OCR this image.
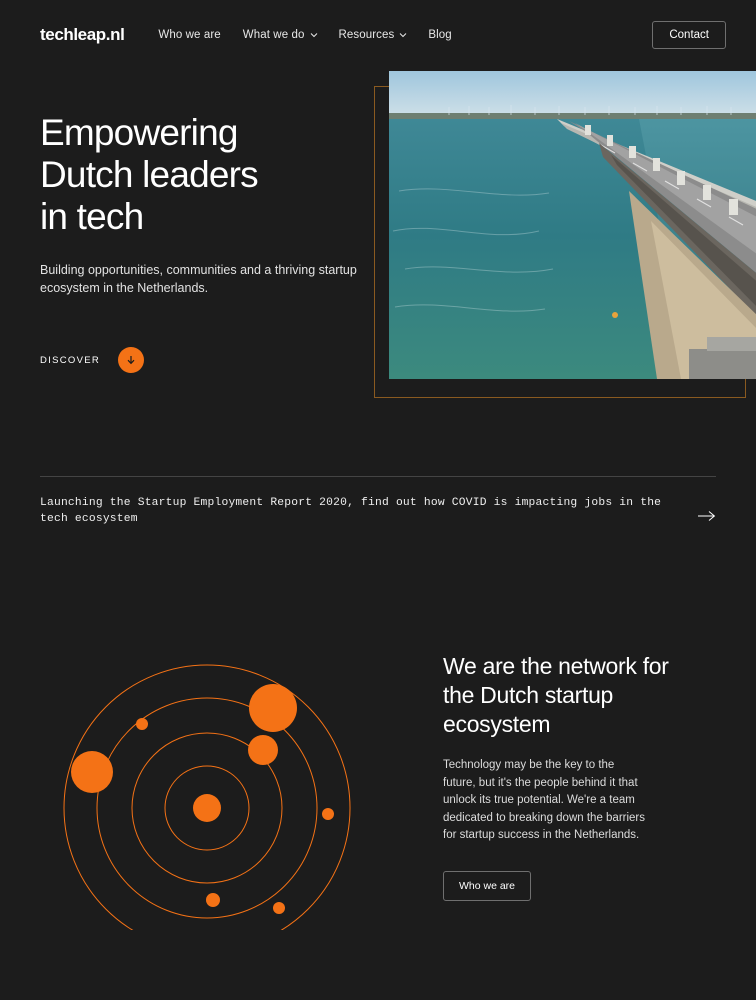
techleap.nl	Who we are What we do	Resources	Blog	Contact
Empowering
Dutch leaders
in tech

Building opportunities, communities and a thriving startup ecosystem in the Netherlands.

DISCOVER
Launching the Startup Employment Report 2020, find out how COVID is impacting jobs in the tech ecosystem
We are the network for
the Dutch startup
ecosystem

Technology may be the key to the future, but it's the people behind it that unlock its true potential. We're a team dedicated to breaking down the barriers for startup success in the Netherlands.

Who we are
